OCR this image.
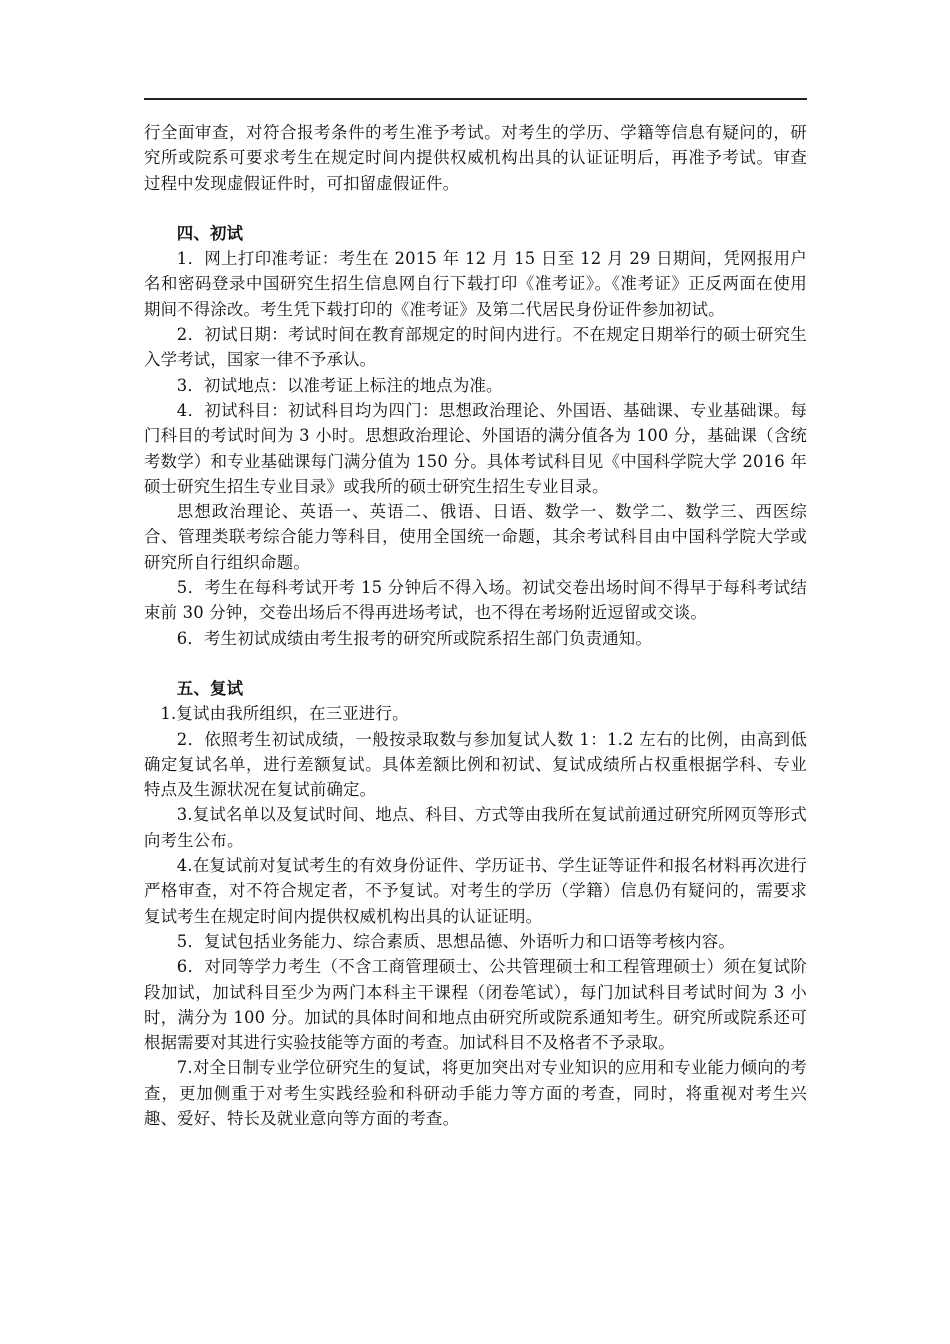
行全面审查，对符合报考条件的考生准予考试。对考生的学历、学籍等信息有疑问的，研究所或院系可要求考生在规定时间内提供权威机构出具的认证证明后，再准予考试。审查过程中发现虚假证件时，可扣留虚假证件。

四、初试

1．网上打印准考证：考生在 2015 年 12 月 15 日至 12 月 29 日期间，凭网报用户名和密码登录中国研究生招生信息网自行下载打印《准考证》。《准考证》正反两面在使用期间不得涂改。考生凭下载打印的《准考证》及第二代居民身份证件参加初试。

2．初试日期：考试时间在教育部规定的时间内进行。不在规定日期举行的硕士研究生入学考试，国家一律不予承认。

3．初试地点：以准考证上标注的地点为准。

4．初试科目：初试科目均为四门：思想政治理论、外国语、基础课、专业基础课。每门科目的考试时间为 3 小时。思想政治理论、外国语的满分值各为 100 分，基础课（含统考数学）和专业基础课每门满分值为 150 分。具体考试科目见《中国科学院大学 2016 年硕士研究生招生专业目录》或我所的硕士研究生招生专业目录。

思想政治理论、英语一、英语二、俄语、日语、数学一、数学二、数学三、西医综合、管理类联考综合能力等科目，使用全国统一命题，其余考试科目由中国科学院大学或研究所自行组织命题。

5．考生在每科考试开考 15 分钟后不得入场。初试交卷出场时间不得早于每科考试结束前 30 分钟，交卷出场后不得再进场考试，也不得在考场附近逗留或交谈。

6．考生初试成绩由考生报考的研究所或院系招生部门负责通知。

五、复试

1.复试由我所组织，在三亚进行。

2．依照考生初试成绩，一般按录取数与参加复试人数 1：1.2 左右的比例，由高到低确定复试名单，进行差额复试。具体差额比例和初试、复试成绩所占权重根据学科、专业特点及生源状况在复试前确定。

3.复试名单以及复试时间、地点、科目、方式等由我所在复试前通过研究所网页等形式向考生公布。

4.在复试前对复试考生的有效身份证件、学历证书、学生证等证件和报名材料再次进行严格审查，对不符合规定者，不予复试。对考生的学历（学籍）信息仍有疑问的，需要求复试考生在规定时间内提供权威机构出具的认证证明。

5．复试包括业务能力、综合素质、思想品德、外语听力和口语等考核内容。

6．对同等学力考生（不含工商管理硕士、公共管理硕士和工程管理硕士）须在复试阶段加试，加试科目至少为两门本科主干课程（闭卷笔试），每门加试科目考试时间为 3 小时，满分为 100 分。加试的具体时间和地点由研究所或院系通知考生。研究所或院系还可根据需要对其进行实验技能等方面的考查。加试科目不及格者不予录取。

7.对全日制专业学位研究生的复试，将更加突出对专业知识的应用和专业能力倾向的考查，更加侧重于对考生实践经验和科研动手能力等方面的考查，同时，将重视对考生兴趣、爱好、特长及就业意向等方面的考查。
